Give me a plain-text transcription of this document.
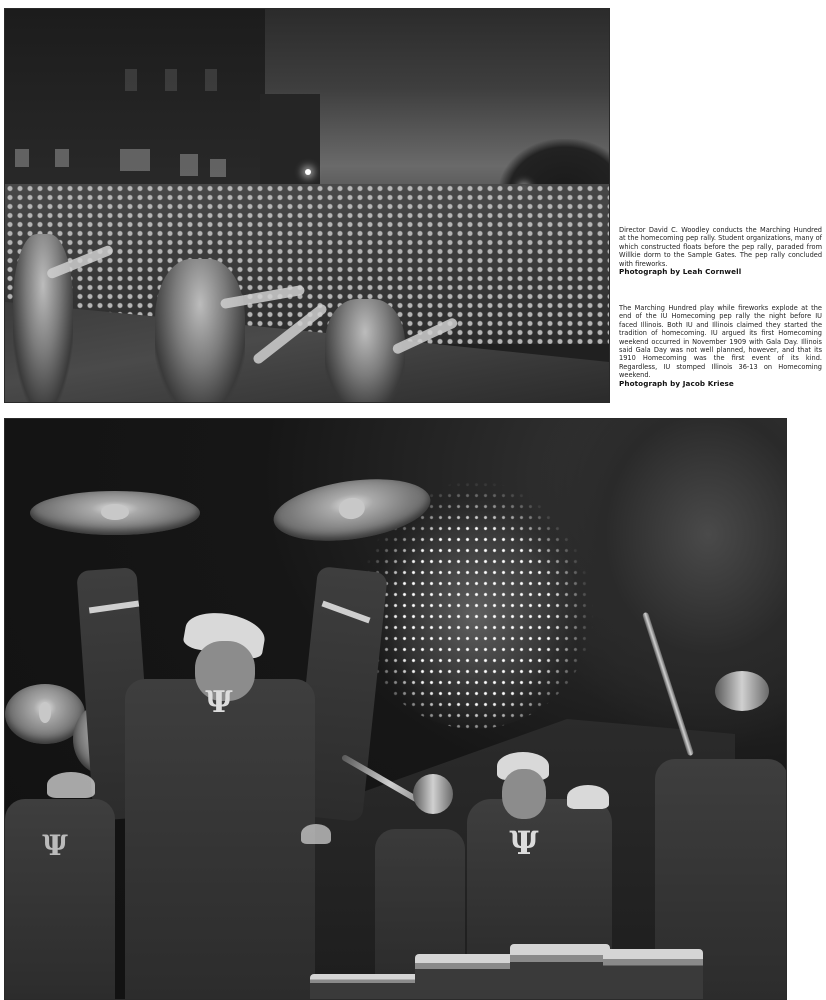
Director David C. Woodley conducts the Marching Hundred at the homecoming pep rally. Student organizations, many of which constructed floats before the pep rally, paraded from Willkie dorm to the Sample Gates. The pep rally concluded with fireworks.
Photograph by Leah Cornwell
The Marching Hundred play while fireworks explode at the end of the IU Homecoming pep rally the night before IU faced Illinois. Both IU and Illinois claimed they started the tradition of homecoming. IU argued its first Homecoming weekend occurred in November 1909 with Gala Day. Illinois said Gala Day was not well planned, however, and that its 1910 Homecoming was the first event of its kind. Regardless, IU stomped Illinois 36-13 on Homecoming weekend.
Photograph by Jacob Kriese
Ψ
Ψ	Ψ
